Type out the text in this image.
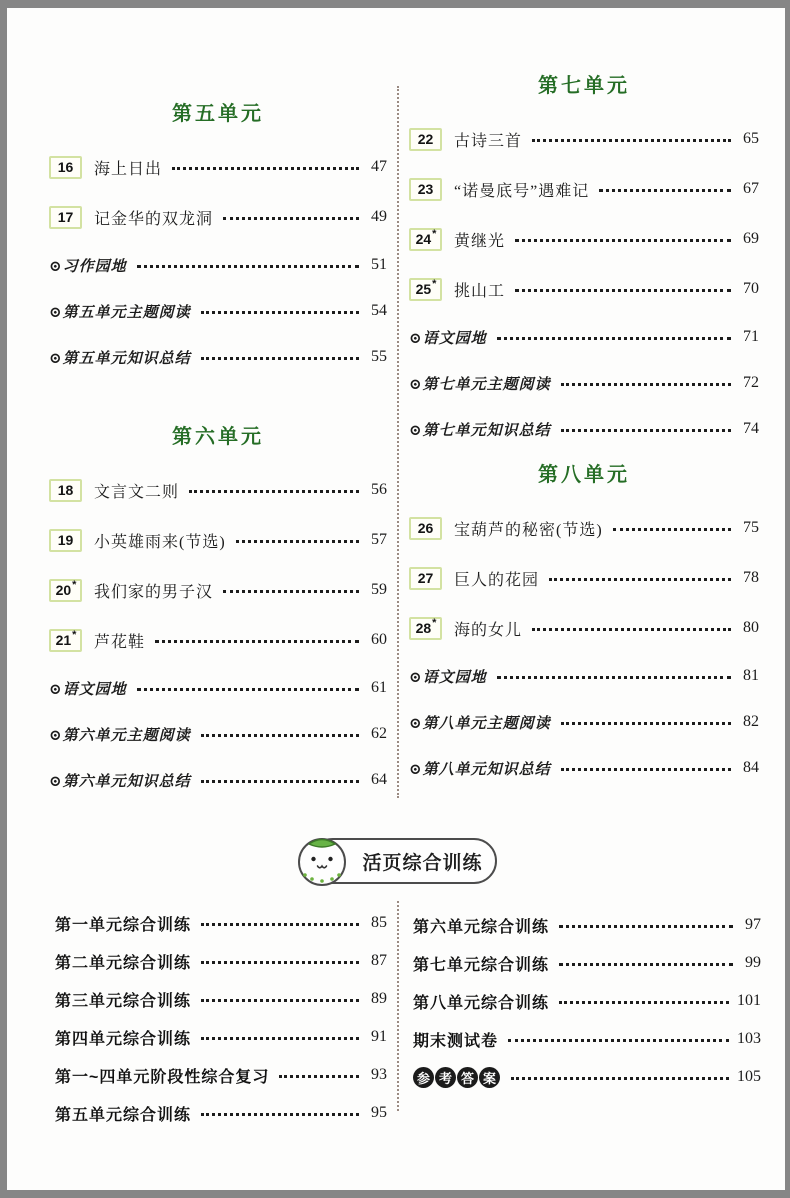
第五单元
16 海上日出	47
17 记金华的双龙洞	49
⊙习作园地	51
⊙第五单元主题阅读	54
⊙第五单元知识总结	55
第六单元
18 文言文二则	56
19 小英雄雨来(节选)	57
20 * 我们家的男子汉	59
21 * 芦花鞋	60
⊙语文园地	61
⊙第六单元主题阅读	62
⊙第六单元知识总结	64
第七单元
22 古诗三首	65
23 “诺曼底号”遇难记	67
24 * 黄继光	69
25 * 挑山工	70
⊙语文园地	71
⊙第七单元主题阅读	72
⊙第七单元知识总结	74
第八单元
26 宝葫芦的秘密(节选)	75
27 巨人的花园	78
28 * 海的女儿	80
⊙语文园地	81
⊙第八单元主题阅读	82
⊙第八单元知识总结	84
活页综合训练
第一单元综合训练	85
第二单元综合训练	87
第三单元综合训练	89
第四单元综合训练	91
第一~四单元阶段性综合复习	93
第五单元综合训练	95
第六单元综合训练	97
第七单元综合训练	99
第八单元综合训练	101
期末测试卷	103
参 考 答 案	105
